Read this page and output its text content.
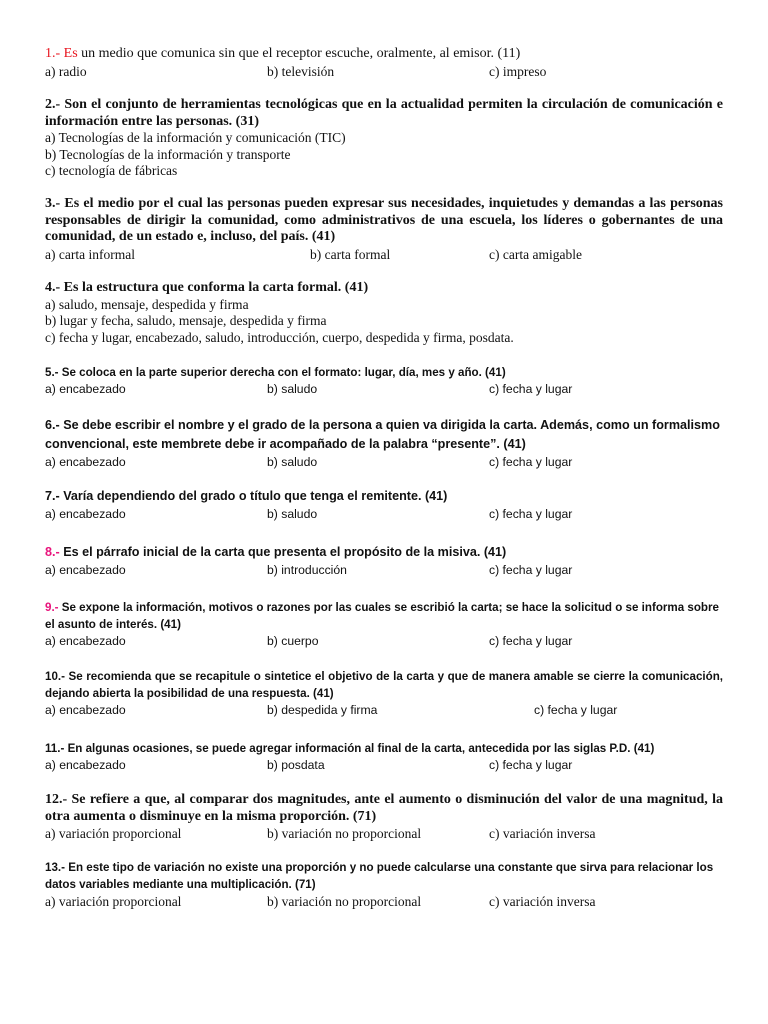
1.- Es un medio que comunica sin que el receptor escuche, oralmente, al emisor. (11)

a) radio	b) televisión	c) impreso

2.- Son el conjunto de herramientas tecnológicas que en la actualidad permiten la circulación de comunicación e información entre las personas. (31)

a) Tecnologías de la información y comunicación (TIC)
b) Tecnologías de la información y transporte
c) tecnología de fábricas

3.- Es el medio por el cual las personas pueden expresar sus necesidades, inquietudes y demandas a las personas responsables de dirigir la comunidad, como administrativos de una escuela, los líderes o gobernantes de una comunidad, de un estado e, incluso, del país. (41)

a) carta informal	b) carta formal	c) carta amigable

4.- Es la estructura que conforma la carta formal. (41)

a) saludo, mensaje, despedida y firma
b) lugar y fecha, saludo, mensaje, despedida y firma
c) fecha y lugar, encabezado, saludo, introducción, cuerpo, despedida y firma, posdata.

5.- Se coloca en la parte superior derecha con el formato: lugar, día, mes y año. (41)

a) encabezado	b) saludo	c) fecha y lugar

6.- Se debe escribir el nombre y el grado de la persona a quien va dirigida la carta. Además, como un formalismo convencional, este membrete debe ir acompañado de la palabra “presente”. (41)

a) encabezado	b) saludo	c) fecha y lugar

7.- Varía dependiendo del grado o título que tenga el remitente. (41)

a) encabezado	b) saludo	c) fecha y lugar

8.- Es el párrafo inicial de la carta que presenta el propósito de la misiva. (41)

a) encabezado	b) introducción	c) fecha y lugar

9.- Se expone la información, motivos o razones por las cuales se escribió la carta; se hace la solicitud o se informa sobre el asunto de interés. (41)

a) encabezado	b) cuerpo	c) fecha y lugar

10.- Se recomienda que se recapitule o sintetice el objetivo de la carta y que de manera amable se cierre la comunicación, dejando abierta la posibilidad de una respuesta. (41)

a) encabezado	b) despedida y firma	c) fecha y lugar

11.- En algunas ocasiones, se puede agregar información al final de la carta, antecedida por las siglas P.D. (41)

a) encabezado	b) posdata	c) fecha y lugar

12.- Se refiere a que, al comparar dos magnitudes, ante el aumento o disminución del valor de una magnitud, la otra aumenta o disminuye en la misma proporción. (71)

a) variación proporcional	b) variación no proporcional	c) variación inversa

13.- En este tipo de variación no existe una proporción y no puede calcularse una constante que sirva para relacionar los datos variables mediante una multiplicación. (71)

a) variación proporcional	b) variación no proporcional	c) variación inversa
